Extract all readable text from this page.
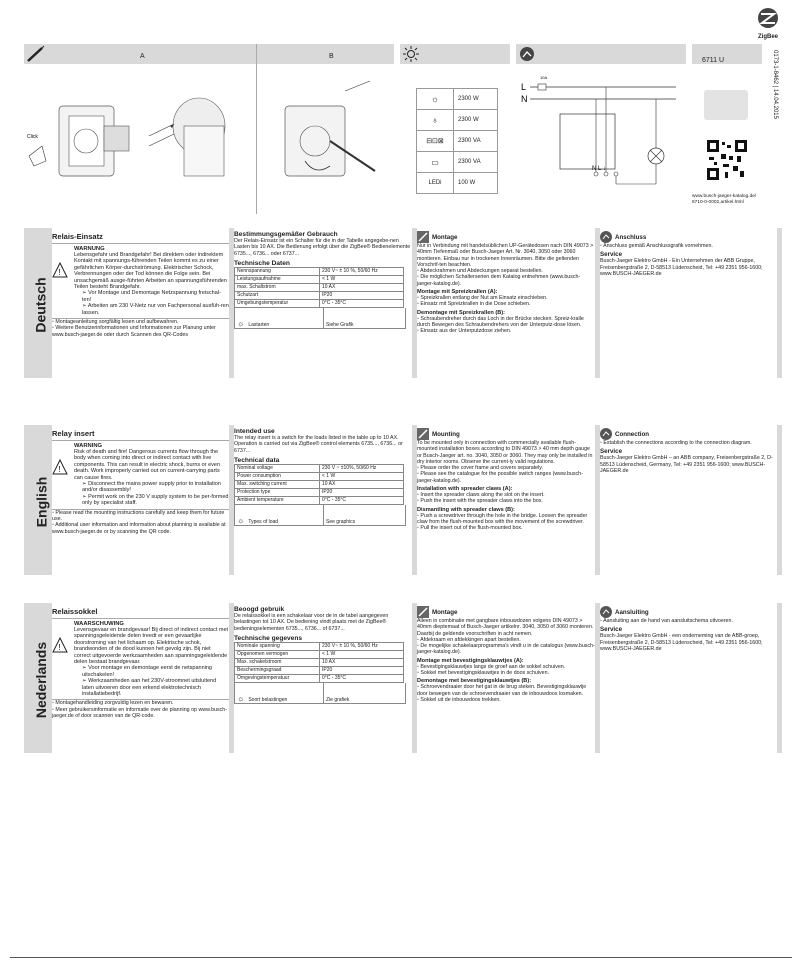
ZigBee
0173-1-8462 | 14.04.2015
A	B
Click
☼	2300 W
♁	2300 W
⊟⊡⊠	2300 VA
▭	2300 VA
LEDi	100 W
L
N
10A
N L ↓
6711 U
www.busch-jaeger-katalog.de/ 6710-0-0002,artikel.html
Deutsch
Relais-Einsatz
!
WARNUNG
Lebensgefahr und Brandgefahr! Bei direktem oder indirektem Kontakt mit spannungs-führenden Teilen kommt es zu einer gefährlichen Körper-durchströmung. Elektrischer Schock, Verbrennungen oder der Tod können die Folge sein. Bei unsachgemäß ausge-führten Arbeiten an spannungsführenden Teilen besteht Brandgefahr.
➢ Vor Montage und Demontage Netzspannung freischal-ten!
➢ Arbeiten am 230 V-Netz nur von Fachpersonal ausfüh-ren lassen.
▫ Montageanleitung sorgfältig lesen und aufbewahren.
▫ Weitere Benutzerinformationen und Informationen zur Planung unter www.busch-jaeger.de oder durch Scannen des QR-Codes
Bestimmungsgemäßer Gebrauch
Der Relais-Einsatz ist ein Schalter für die in der Tabelle angegebe-nen Lasten bis 10 AX. Die Bedienung erfolgt über die ZigBee® Bedienelemente 6735..., 6736... oder 6737...
Technische Daten
Nennspannung	230 V~ ± 10 %, 50/60 Hz
Leistungsaufnahme	< 1 W
max. Schaltstrom	10 AX
Schutzart	IP20
Umgebungstemperatur	0°C - 35°C
☼ Lastarten	Siehe Grafik
Montage
Nur in Verbindung mit handelsüblichen UP-Gerätedosen nach DIN 49073 > 40mm Tiefenmaß oder Busch-Jaeger Art. Nr. 3040, 3050 oder 3060 montieren. Einbau nur in trockenen Innenräumen. Bitte die geltenden Vorschrif-ten beachten.
▫ Abdeckrahmen und Abdeckungen separat bestellen.
▫ Die möglichen Schalterserien dem Katalog entnehmen (www.busch-jaeger-katalog.de).
Montage mit Spreizkrallen (A):
▫ Spreizkrallen entlang der Nut am Einsatz einschieben.
▫ Einsatz mit Spreizkrallen in die Dose schieben.
Demontage mit Spreizkrallen (B):
▫ Schraubendreher durch das Loch in der Brücke stecken. Spreiz-kralle durch Bewegen des Schraubendrehers von der Unterputz-dose lösen.
▫ Einsatz aus der Unterputzdose ziehen.
Anschluss
▫ Anschluss gemäß Anschlussgrafik vornehmen.
Service
Busch-Jaeger Elektro GmbH - Ein Unternehmen der ABB Gruppe, Freisenbergstraße 2, D-58513 Lüdenscheid, Tel: +49 2351 956-1600; www.BUSCH-JAEGER.de
English
Relay insert
!
WARNING
Risk of death and fire! Dangerous currents flow through the body when coming into direct or indirect contact with live components. This can result in electric shock, burns or even death. Work improperly carried out on current-carrying parts can cause fires.
➢ Disconnect the mains power supply prior to installation and/or disassembly!
➢ Permit work on the 230 V supply system to be per-formed only by specialist staff.
▫ Please read the mounting instructions carefully and keep them for future use.
▫ Additional user information and information about planning is available at www.busch-jaeger.de or by scanning the QR code.
Intended use
The relay insert is a switch for the loads listed in the table up to 10 AX. Operation is carried out via ZigBee® control elements 6735..., 6736... or 6737...
Technical data
Nominal voltage	230 V ~ ±10%, 50/60 Hz
Power consumption	< 1 W
Max. switching current	10 AX
Protection type	IP20
Ambient temperature	0°C - 35°C
☼ Types of load	See graphics
Mounting
To be mounted only in connection with commercially available flush-mounted installation boxes according to DIN 49073 > 40 mm depth gauge or Busch-Jaeger art. no. 3040, 3050 or 3060. They may only be installed in dry interior rooms. Observe the current-ly valid regulations.
▫ Please order the cover frame and covers separately.
▫ Please see the catalogue for the possible switch ranges (www.busch-jaeger-katalog.de).
Installation with spreader claws (A):
▫ Insert the spreader claws along the slot on the insert.
▫ Push the insert with the spreader claws into the box.
Dismantling with spreader claws (B):
▫ Push a screwdriver through the hole in the bridge. Loosen the spreader claw from the flush-mounted box with the movement of the screwdriver.
▫ Pull the insert out of the flush-mounted box.
Connection
▫ Establish the connections according to the connection diagram.
Service
Busch-Jaeger Elektro GmbH – an ABB company, Freisenbergstraße 2, D-58513 Lüdenscheid, Germany, Tel: +49 2351 956-1600; www.BUSCH-JAEGER.de
Nederlands
Relaissokkel
!
WAARSCHUWING
Levensgevaar en brandgevaar! Bij direct of indirect contact met spanningsgeleidende delen treedt er een gevaarlijke doorstroming van het lichaam op. Elektrische schok, brandwonden of de dood kunnen het gevolg zijn. Bij niet correct uitgevoerde werkzaamheden aan spanningsgeleidende delen bestaat brandgevaar.
➢ Voor montage en demontage eerst de netspanning uitschakelen!
➢ Werkzaamheden aan het 230V-stroomnet uitsluitend laten uitvoeren door een erkend elektrotechnisch installatiebedrijf.
▫ Montagehandleiding zorgvuldig lezen en bewaren.
▫ Meer gebruikersinformatie en informatie over de planning op www.busch-jaeger.de of door scannen van de QR-code.
Beoogd gebruik
De relaissokkel is een schakelaar voor de in de tabel aangegeven belastingen tot 10 AX. De bediening vindt plaats met de ZigBee® bedieningselementen 6735..., 6736... of 6737...
Technische gegevens
Nominale spanning	230 V~ ± 10 %, 50/60 Hz
Opgenomen vermogen	< 1 W
Max. schakelstroom	10 AX
Beschermingsgraad	IP20
Omgevingstemperatuur	0°C - 35°C
☼ Soort belastingen	Zie grafiek
Montage
Alleen in combinatie met gangbare inbouwdozen volgens DIN 49073 > 40mm dieptemaat of Busch-Jaeger artikelnr. 3040, 3050 of 3060 monteren. Daarbij de geldende voorschriften in acht nemen.
▫ Afdekraam en afdekkingen apart bestellen.
▫ De mogelijke schakelaarprogramma's vindt u in de catalogus (www.busch-jaeger-katalog.de).
Montage met bevestigingsklauwtjes (A):
▫ Bevestigingsklauwtjes langs de groef aan de sokkel schuiven.
▫ Sokkel met bevestigingsklauwtjes in de doos schuiven.
Demontage met bevestigingsklauwtjes (B):
▫ Schroevendraaier door het gat in de brug steken. Bevestigingsklauwtje door bewegen van de schroevendraaier van de inbouwdoos losmaken.
▫ Sokkel uit de inbouwdoos trekken.
Aansluiting
▫ Aansluiting aan de hand van aansluitschema uitvoeren.
Service
Busch-Jaeger Elektro GmbH - een onderneming van de ABB-groep, Freisenbergstraße 2, D-58513 Lüdenscheid, Tel: +49 2351 956-1600; www.BUSCH-JAEGER.de
